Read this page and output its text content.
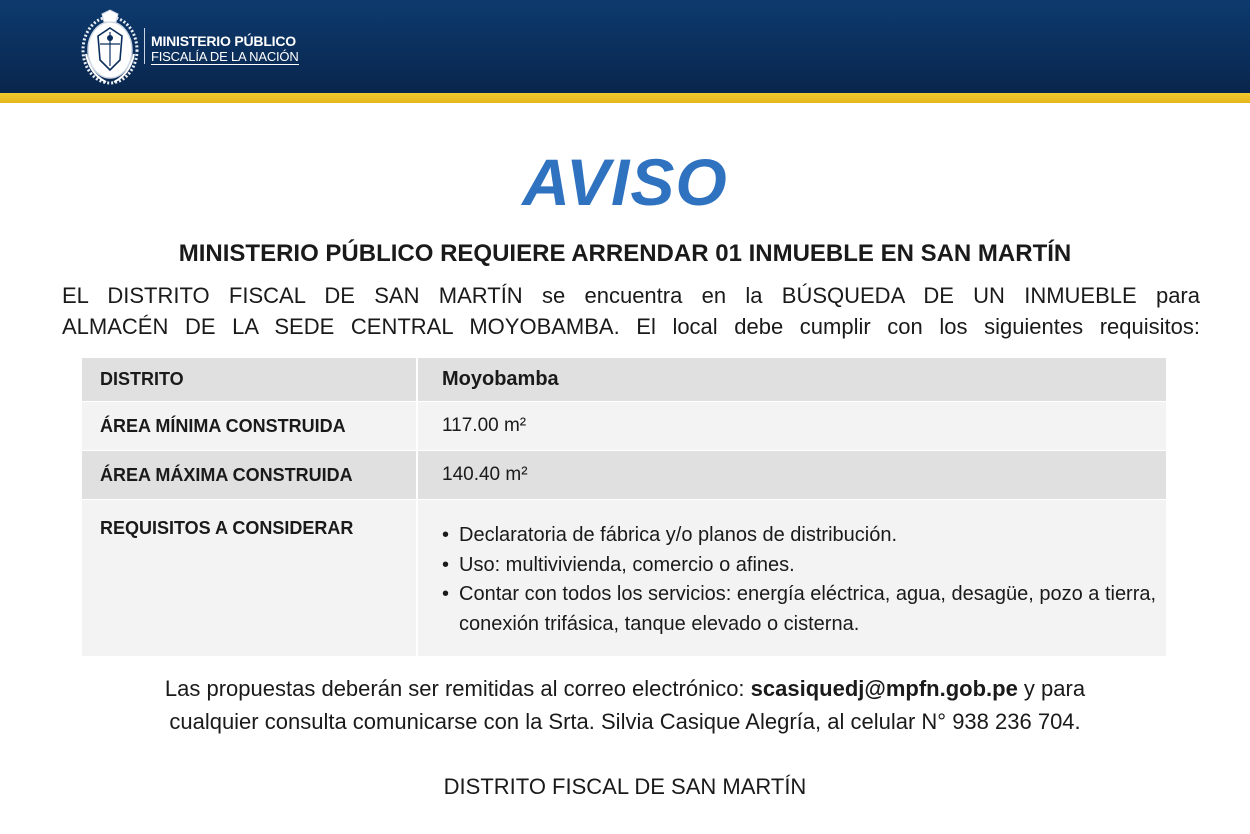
MINISTERIO PÚBLICO
FISCALÍA DE LA NACIÓN
AVISO
MINISTERIO PÚBLICO REQUIERE ARRENDAR 01 INMUEBLE EN SAN MARTÍN
EL DISTRITO FISCAL DE SAN MARTÍN se encuentra en la BÚSQUEDA DE UN INMUEBLE para
ALMACÉN DE LA SEDE CENTRAL MOYOBAMBA. El local debe cumplir con los siguientes requisitos:
DISTRITO	Moyobamba
ÁREA MÍNIMA CONSTRUIDA	117.00 m²
ÁREA MÁXIMA CONSTRUIDA	140.40 m²
REQUISITOS A CONSIDERAR
•	Declaratoria de fábrica y/o planos de distribución.
• Uso: multivivienda, comercio o afines.
• Contar con todos los servicios: energía eléctrica, agua, desagüe, pozo a tierra, conexión trifásica, tanque elevado o cisterna.
Las propuestas deberán ser remitidas al correo electrónico: scasiquedj@mpfn.gob.pe y para
cualquier consulta comunicarse con la Srta. Silvia Casique Alegría, al celular N° 938 236 704.
DISTRITO FISCAL DE SAN MARTÍN
